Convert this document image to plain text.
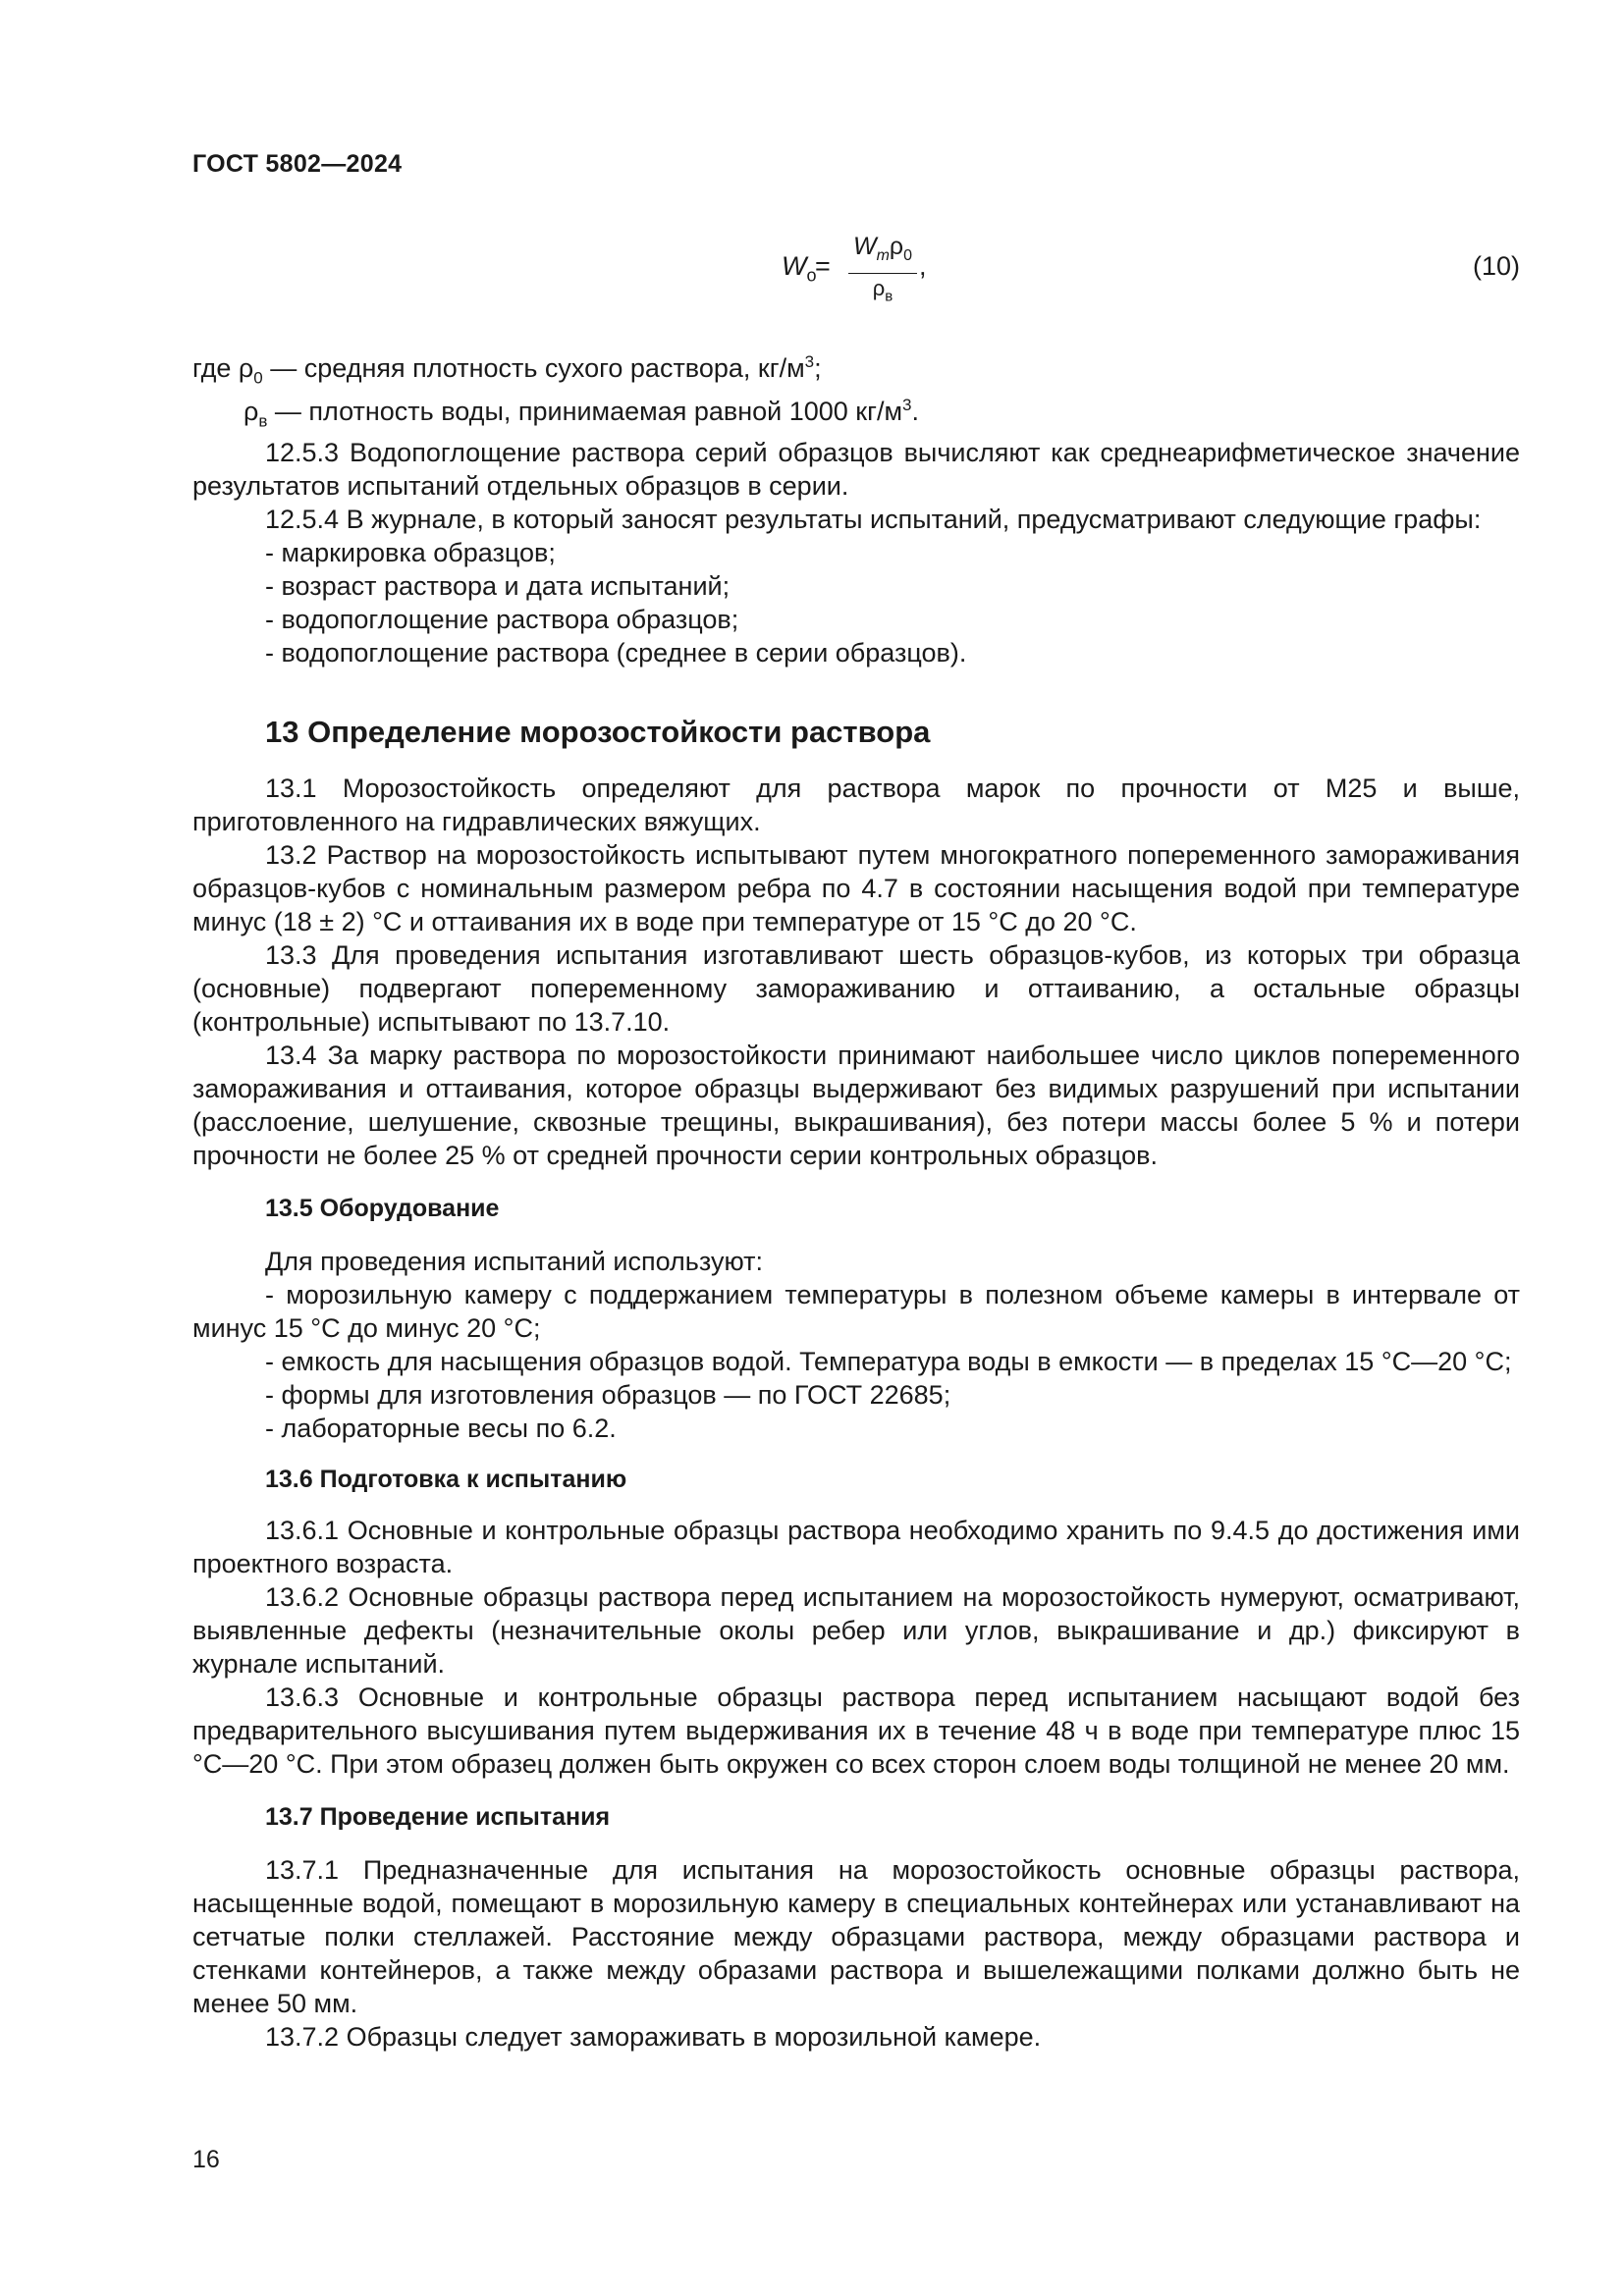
ГОСТ 5802—2024
$W_о$
=
$W_m\rho_0$
$\rho_в$
,	(10)
где $\rho_0$ — средняя плотность сухого раствора, $кг/м^3$;
$\rho_в$ — плотность воды, принимаемая равной 1000 $кг/м^3$.

12.5.3 Водопоглощение раствора серий образцов вычисляют как среднеарифметическое значение результатов испытаний отдельных образцов в серии.

12.5.4 В журнале, в который заносят результаты испытаний, предусматривают следующие графы:

- маркировка образцов;

- возраст раствора и дата испытаний;

- водопоглощение раствора образцов;

- водопоглощение раствора (среднее в серии образцов).

13 Определение морозостойкости раствора

13.1 Морозостойкость определяют для раствора марок по прочности от М25 и выше, приготовленного на гидравлических вяжущих.

13.2 Раствор на морозостойкость испытывают путем многократного попеременного замораживания образцов-кубов с номинальным размером ребра по 4.7 в состоянии насыщения водой при температуре минус (18 ± 2) °С и оттаивания их в воде при температуре от 15 °С до 20 °С.

13.3 Для проведения испытания изготавливают шесть образцов-кубов, из которых три образца (основные) подвергают попеременному замораживанию и оттаиванию, а остальные образцы (контрольные) испытывают по 13.7.10.

13.4 За марку раствора по морозостойкости принимают наибольшее число циклов попеременного замораживания и оттаивания, которое образцы выдерживают без видимых разрушений при испытании (расслоение, шелушение, сквозные трещины, выкрашивания), без потери массы более 5 % и потери прочности не более 25 % от средней прочности серии контрольных образцов.

13.5 Оборудование

Для проведения испытаний используют:

- морозильную камеру с поддержанием температуры в полезном объеме камеры в интервале от минус 15 °С до минус 20 °С;

- емкость для насыщения образцов водой. Температура воды в емкости — в пределах 15 °С—20 °С;

- формы для изготовления образцов — по ГОСТ 22685;

- лабораторные весы по 6.2.

13.6 Подготовка к испытанию

13.6.1 Основные и контрольные образцы раствора необходимо хранить по 9.4.5 до достижения ими проектного возраста.

13.6.2 Основные образцы раствора перед испытанием на морозостойкость нумеруют, осматривают, выявленные дефекты (незначительные околы ребер или углов, выкрашивание и др.) фиксируют в журнале испытаний.

13.6.3 Основные и контрольные образцы раствора перед испытанием насыщают водой без предварительного высушивания путем выдерживания их в течение 48 ч в воде при температуре плюс 15 °С—20 °С. При этом образец должен быть окружен со всех сторон слоем воды толщиной не менее 20 мм.

13.7 Проведение испытания

13.7.1 Предназначенные для испытания на морозостойкость основные образцы раствора, насыщенные водой, помещают в морозильную камеру в специальных контейнерах или устанавливают на сетчатые полки стеллажей. Расстояние между образцами раствора, между образцами раствора и стенками контейнеров, а также между образами раствора и вышележащими полками должно быть не менее 50 мм.

13.7.2 Образцы следует замораживать в морозильной камере.

16
